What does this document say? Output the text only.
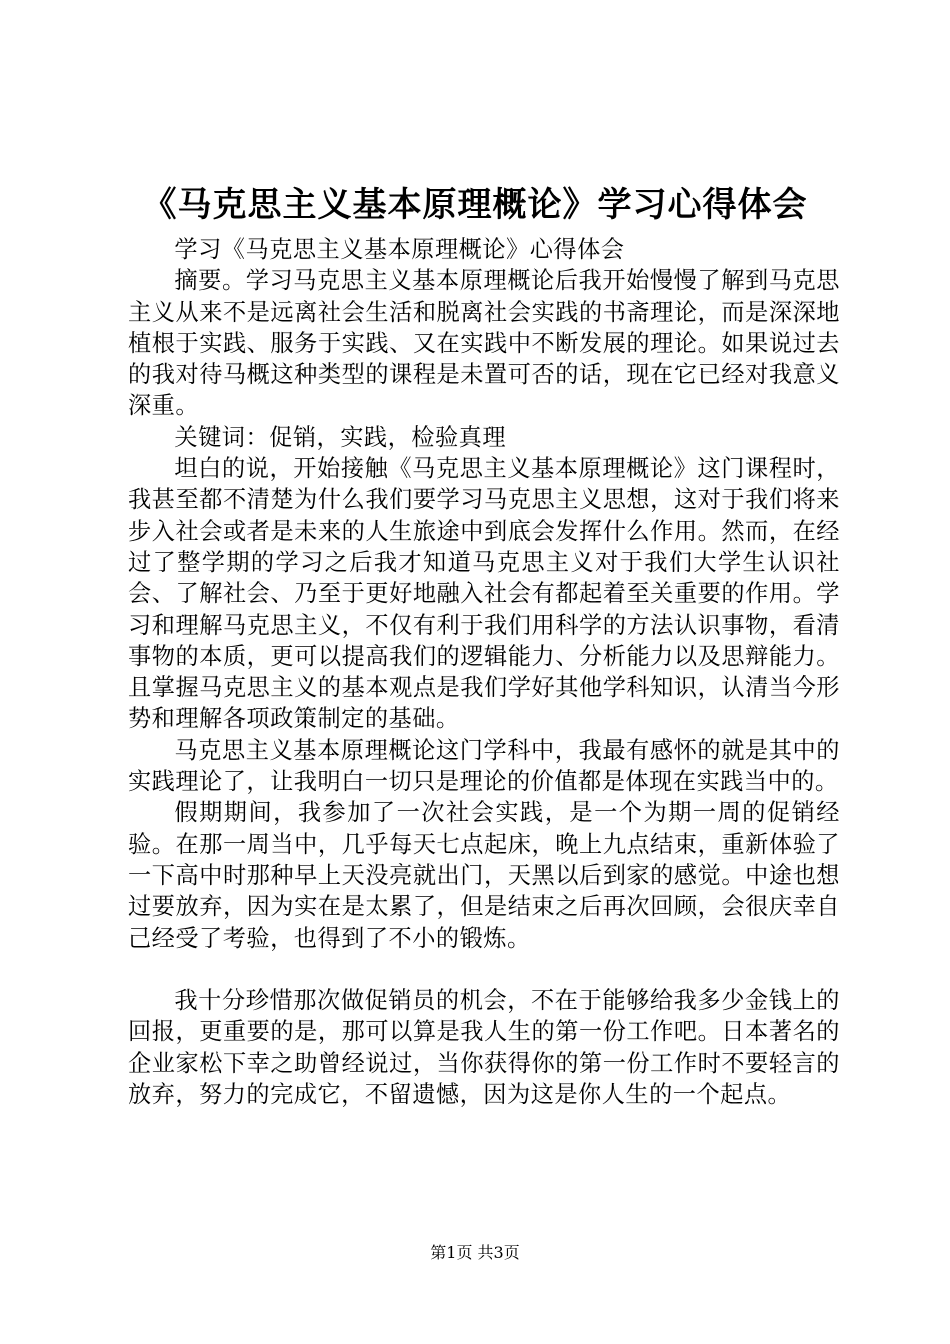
《马克思主义基本原理概论》学习心得体会

学习《马克思主义基本原理概论》心得体会

摘要。学习马克思主义基本原理概论后我开始慢慢了解到马克思主义从来不是远离社会生活和脱离社会实践的书斋理论，而是深深地植根于实践、服务于实践、又在实践中不断发展的理论。如果说过去的我对待马概这种类型的课程是未置可否的话，现在它已经对我意义深重。

关键词：促销，实践，检验真理

坦白的说，开始接触《马克思主义基本原理概论》这门课程时，我甚至都不清楚为什么我们要学习马克思主义思想，这对于我们将来步入社会或者是未来的人生旅途中到底会发挥什么作用。然而，在经过了整学期的学习之后我才知道马克思主义对于我们大学生认识社会、了解社会、乃至于更好地融入社会有都起着至关重要的作用。学习和理解马克思主义，不仅有利于我们用科学的方法认识事物，看清事物的本质，更可以提高我们的逻辑能力、分析能力以及思辩能力。且掌握马克思主义的基本观点是我们学好其他学科知识，认清当今形势和理解各项政策制定的基础。

马克思主义基本原理概论这门学科中，我最有感怀的就是其中的实践理论了，让我明白一切只是理论的价值都是体现在实践当中的。

假期期间，我参加了一次社会实践，是一个为期一周的促销经验。在那一周当中，几乎每天七点起床，晚上九点结束，重新体验了一下高中时那种早上天没亮就出门，天黑以后到家的感觉。中途也想过要放弃，因为实在是太累了，但是结束之后再次回顾，会很庆幸自己经受了考验，也得到了不小的锻炼。

我十分珍惜那次做促销员的机会，不在于能够给我多少金钱上的回报，更重要的是，那可以算是我人生的第一份工作吧。日本著名的企业家松下幸之助曾经说过，当你获得你的第一份工作时不要轻言的放弃，努力的完成它，不留遗憾，因为这是你人生的一个起点。

第1页 共3页
